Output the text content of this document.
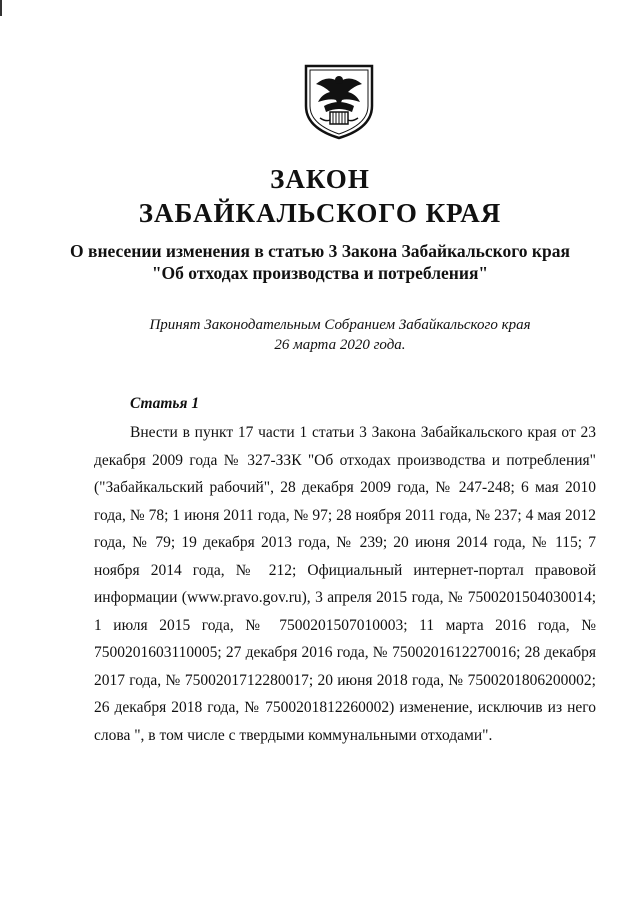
ЗАКОН
ЗАБАЙКАЛЬСКОГО КРАЯ
О внесении изменения в статью 3 Закона Забайкальского края
"Об отходах производства и потребления"
Принят Законодательным Собранием Забайкальского края
26 марта 2020 года.
Статья 1

Внести в пункт 17 части 1 статьи 3 Закона Забайкальского края от 23 декабря 2009 года № 327-ЗЗК "Об отходах производства и потребления" ("Забайкальский рабочий", 28 декабря 2009 года, № 247-248; 6 мая 2010 года, № 78; 1 июня 2011 года, № 97; 28 ноября 2011 года, № 237; 4 мая 2012 года, № 79; 19 декабря 2013 года, № 239; 20 июня 2014 года, № 115; 7 ноября 2014 года, № 212; Официальный интернет-портал правовой информации (www.pravo.gov.ru), 3 апреля 2015 года, № 7500201504030014; 1 июля 2015 года, № 7500201507010003; 11 марта 2016 года, № 7500201603110005; 27 декабря 2016 года, № 7500201612270016; 28 декабря 2017 года, № 7500201712280017; 20 июня 2018 года, № 7500201806200002; 26 декабря 2018 года, № 7500201812260002) изменение, исключив из него слова ", в том числе с твердыми коммунальными отходами".
